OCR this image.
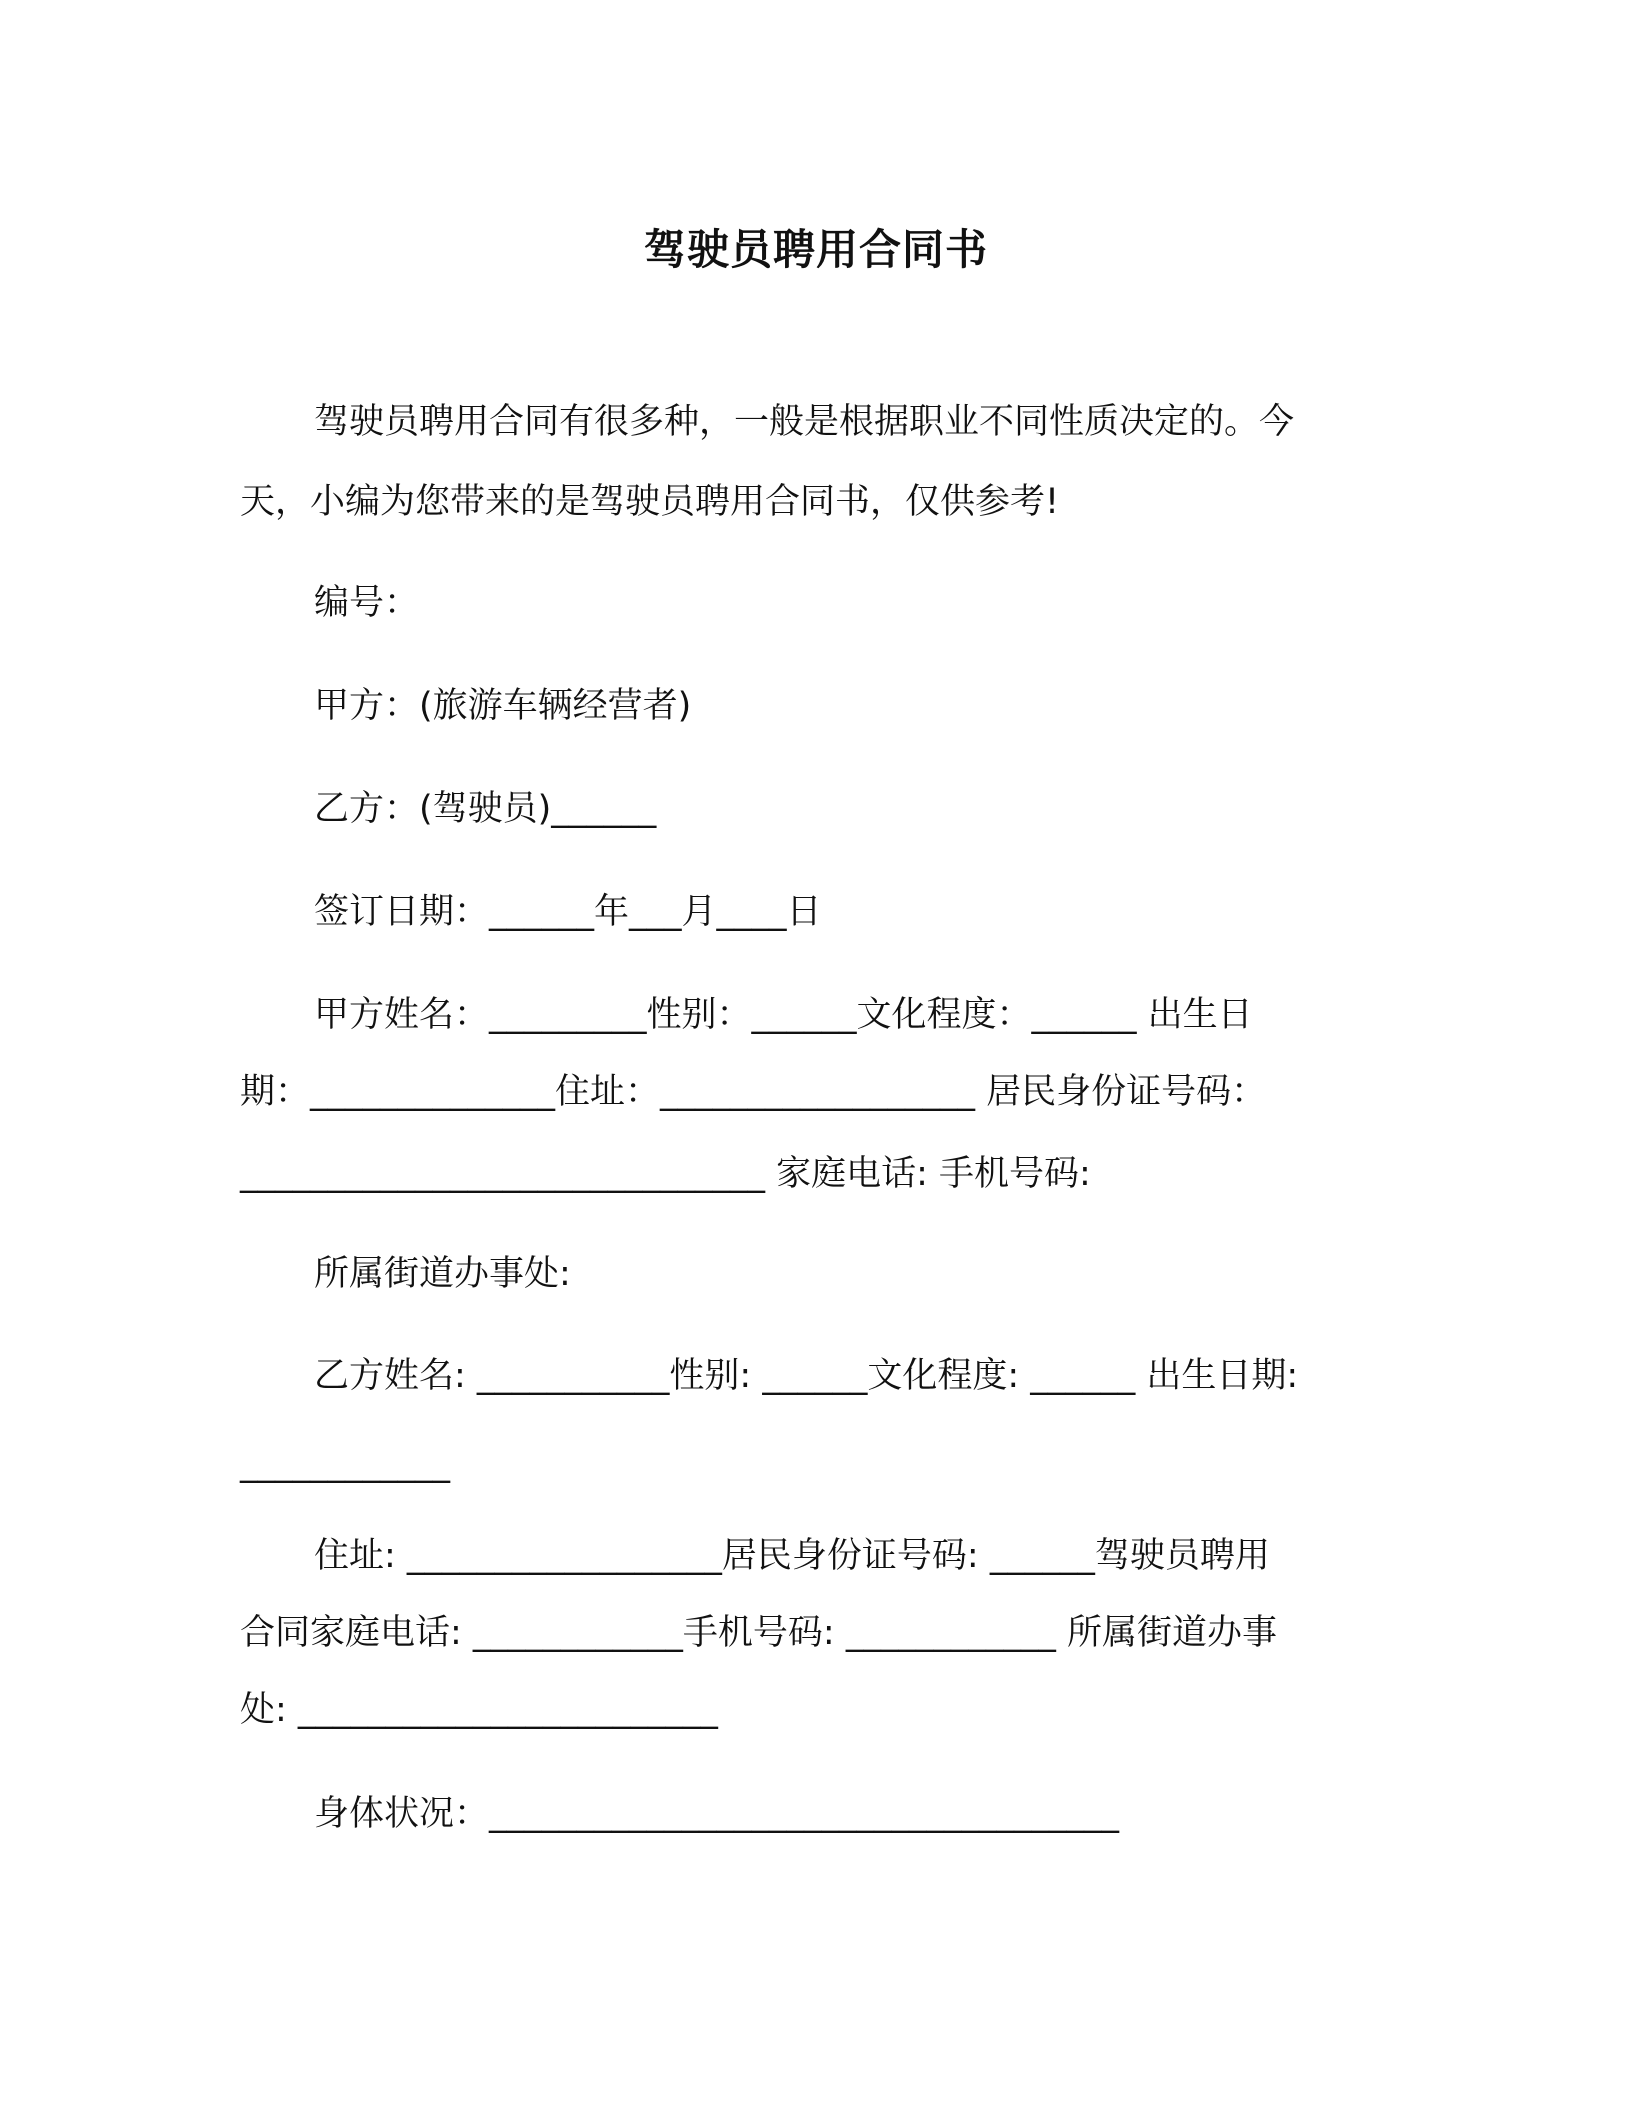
驾驶员聘用合同书
驾驶员聘用合同有很多种，一般是根据职业不同性质决定的。今
天，小编为您带来的是驾驶员聘用合同书，仅供参考!
编号：
甲方：(旅游车辆经营者)
乙方：(驾驶员)______
签订日期：______年___月____日
甲方姓名：_________性别：______文化程度：______ 出生日
期：______________住址：__________________ 居民身份证号码：
______________________________ 家庭电话: 手机号码:
所属街道办事处:
乙方姓名: ___________性别: ______文化程度: ______ 出生日期:
____________
住址: __________________居民身份证号码: ______驾驶员聘用
合同家庭电话: ____________手机号码: ____________ 所属街道办事
处: ________________________
身体状况：____________________________________
